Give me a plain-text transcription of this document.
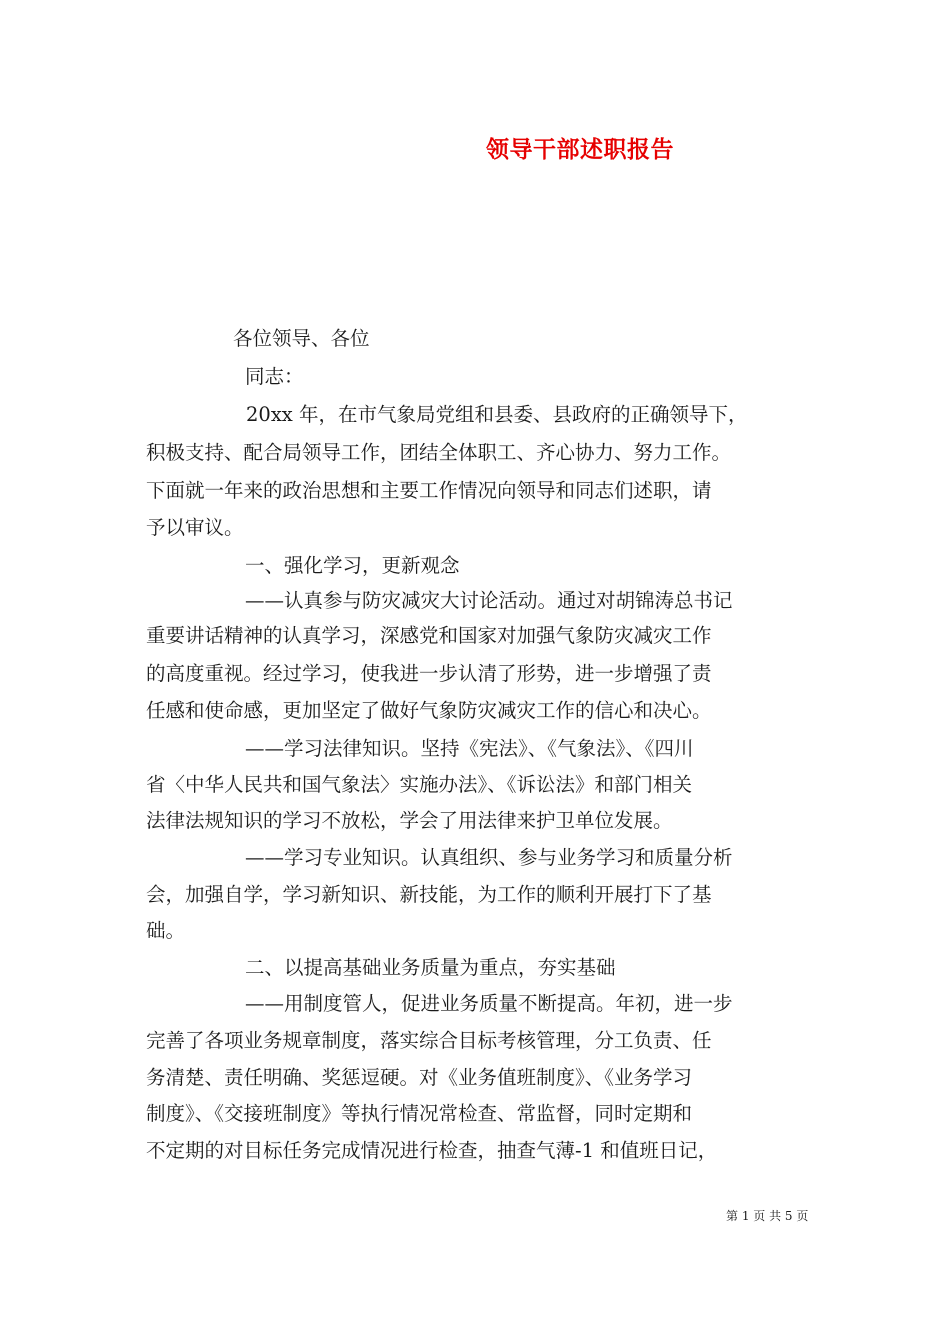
领导干部述职报告
各位领导、各位
同志：
20xx 年，在市气象局党组和县委、县政府的正确领导下，
积极支持、配合局领导工作，团结全体职工、齐心协力、努力工作。
下面就一年来的政治思想和主要工作情况向领导和同志们述职，请
予以审议。
一、强化学习，更新观念
——认真参与防灾减灾大讨论活动。通过对胡锦涛总书记
重要讲话精神的认真学习，深感党和国家对加强气象防灾减灾工作
的高度重视。经过学习，使我进一步认清了形势，进一步增强了责
任感和使命感，更加坚定了做好气象防灾减灾工作的信心和决心。
——学习法律知识。坚持《宪法》、《气象法》、《四川
省〈中华人民共和国气象法〉实施办法》、《诉讼法》和部门相关
法律法规知识的学习不放松，学会了用法律来护卫单位发展。
——学习专业知识。认真组织、参与业务学习和质量分析
会，加强自学，学习新知识、新技能，为工作的顺利开展打下了基
础。
二、以提高基础业务质量为重点，夯实基础
——用制度管人，促进业务质量不断提高。年初，进一步
完善了各项业务规章制度，落实综合目标考核管理，分工负责、任
务清楚、责任明确、奖惩逗硬。对《业务值班制度》、《业务学习
制度》、《交接班制度》等执行情况常检查、常监督，同时定期和
不定期的对目标任务完成情况进行检查，抽查气薄-1 和值班日记，
第 1 页 共 5 页
